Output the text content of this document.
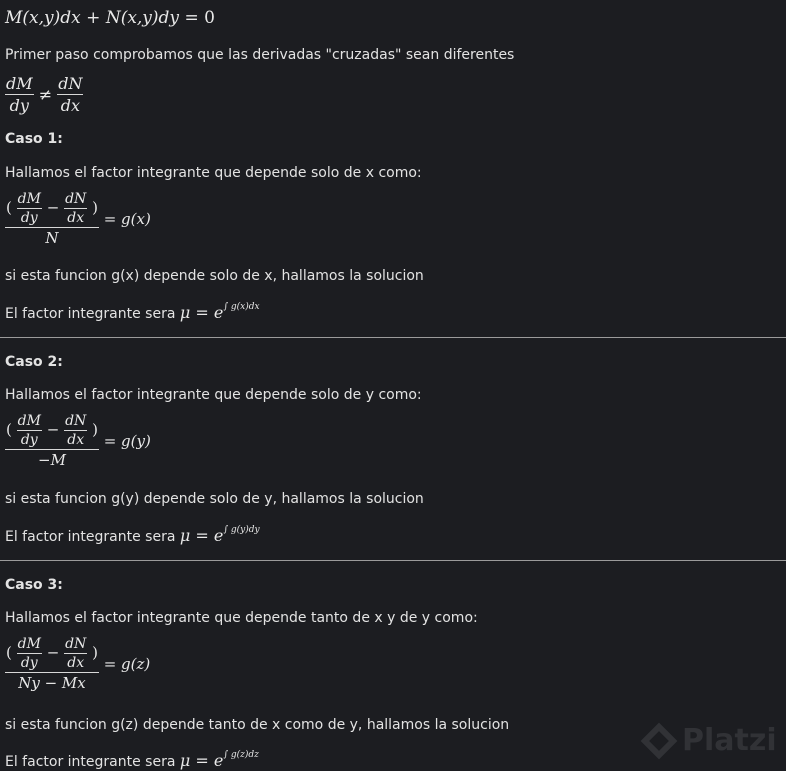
M(x,y)dx + N(x,y)dy = 0
Primer paso comprobamos que las derivadas "cruzadas" sean diferentes
$\frac{dM}{dy} \ne \frac{dN}{dx}$
Caso 1:
Hallamos el factor integrante que depende solo de x como:
$\frac{( \frac{dM}{dy} - \frac{dN}{dx} )}{N} = g(x)$
si esta funcion g(x) depende solo de x, hallamos la solucion
El factor integrante sera $\mu = e^{\int g(x)dx}$
Caso 2:
Hallamos el factor integrante que depende solo de y como:
$\frac{( \frac{dM}{dy} - \frac{dN}{dx} )}{-M} = g(y)$
si esta funcion g(y) depende solo de y, hallamos la solucion
El factor integrante sera $\mu = e^{\int g(y)dy}$
Caso 3:
Hallamos el factor integrante que depende tanto de x y de y como:
$\frac{( \frac{dM}{dy} - \frac{dN}{dx} )}{Ny - Mx} = g(z)$
si esta funcion g(z) depende tanto de x como de y, hallamos la solucion
El factor integrante sera $\mu = e^{\int g(z)dz}$	Platzi
